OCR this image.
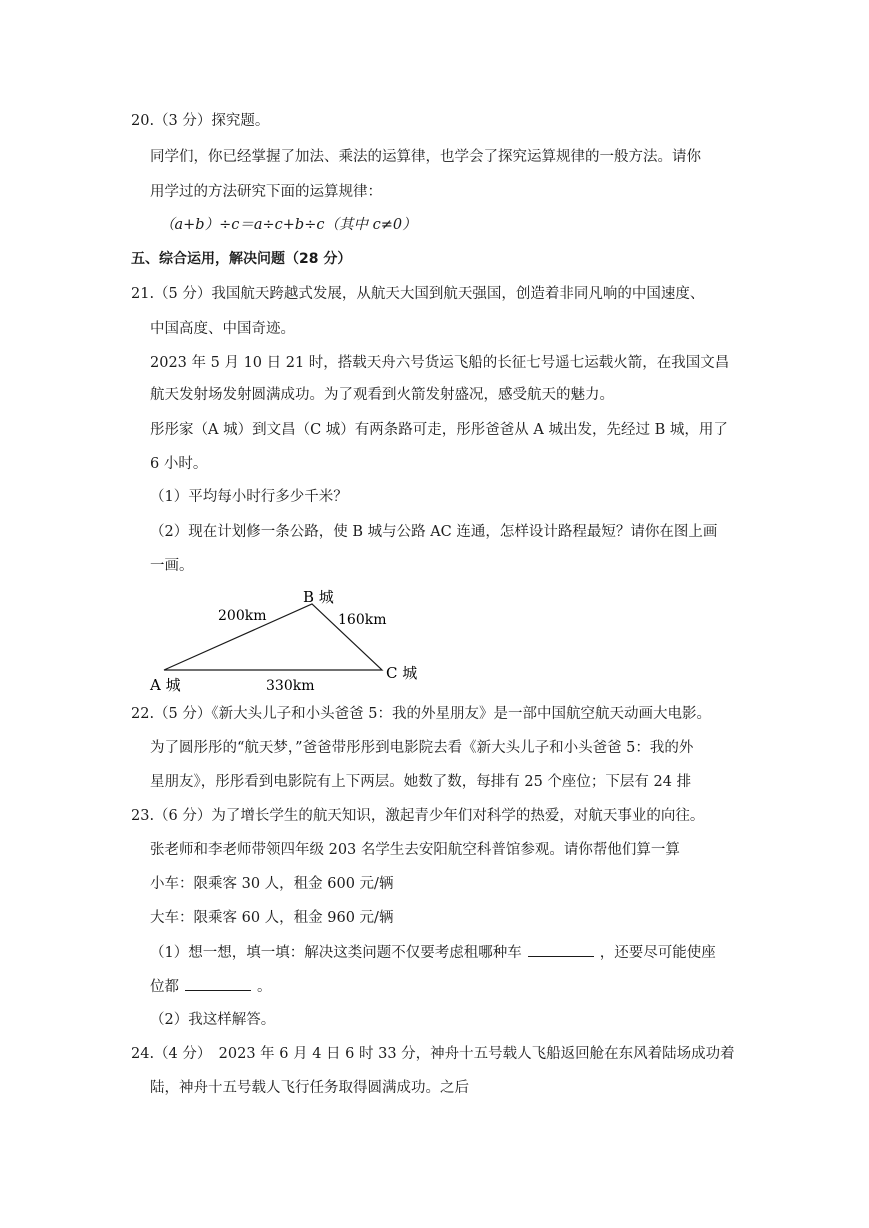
20.（3 分）探究题。
同学们，你已经掌握了加法、乘法的运算律，也学会了探究运算规律的一般方法。请你
用学过的方法研究下面的运算规律：
（a+b）÷c＝a÷c+b÷c（其中 c≠0）
五、综合运用，解决问题（28 分）
21.（5 分）我国航天跨越式发展，从航天大国到航天强国，创造着非同凡响的中国速度、
中国高度、中国奇迹。
2023 年 5 月 10 日 21 时，搭载天舟六号货运飞船的长征七号遥七运载火箭，在我国文昌
航天发射场发射圆满成功。为了观看到火箭发射盛况，感受航天的魅力。
彤彤家（A 城）到文昌（C 城）有两条路可走，彤彤爸爸从 A 城出发，先经过 B 城，用了
6 小时。
（1）平均每小时行多少千米？
（2）现在计划修一条公路，使 B 城与公路 AC 连通，怎样设计路程最短？请你在图上画
一画。
B 城
200km	160km
C 城
A 城	330km
22.（5 分）《新大头儿子和小头爸爸 5：我的外星朋友》是一部中国航空航天动画大电影。
为了圆彤彤的“航天梦，”爸爸带彤彤到电影院去看《新大头儿子和小头爸爸 5：我的外
星朋友》，彤彤看到电影院有上下两层。她数了数，每排有 25 个座位；下层有 24 排
23.（6 分）为了增长学生的航天知识，激起青少年们对科学的热爱，对航天事业的向往。
张老师和李老师带领四年级 203 名学生去安阳航空科普馆参观。请你帮他们算一算
小车：限乘客 30 人，租金 600 元/辆
大车：限乘客 60 人，租金 960 元/辆
（1）想一想，填一填：解决这类问题不仅要考虑租哪种车	，还要尽可能使座
位都	。
（2）我这样解答。
24.（4 分）　2023 年 6 月 4 日 6 时 33 分，神舟十五号载人飞船返回舱在东风着陆场成功着
陆，神舟十五号载人飞行任务取得圆满成功。之后
